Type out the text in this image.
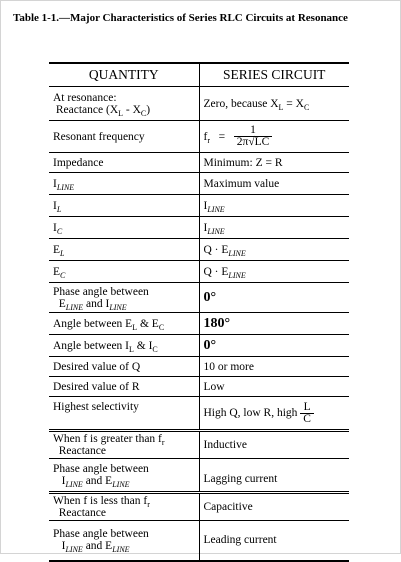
Table 1-1.—Major Characteristics of Series RLC Circuits at Resonance
QUANTITY	SERIES CIRCUIT

At resonance:
Reactance $(X_L - X_C)$	Zero, because $X_L = X_C$
Resonant frequency	$f_r = \frac{1}{2\pi√LC}$

Impedance	Minimum: Z = R
$I_{LINE}$	Maximum value
$I_L$	$I_{LINE}$
$I_C$	$I_{LINE}$
$E_L$	$Q \cdot E_{LINE}$
$E_C$	$Q \cdot E_{LINE}$

Phase angle between
$E_{LINE}$ and $I_{LINE}$	0°
Angle between $E_L$ & $E_C$	180°
Angle between $I_L$ & $I_C$	0°
Desired value of Q	10 or more
Desired value of R	Low
Highest selectivity	High Q, low R, high $\frac{L}{C}$

When f is greater than $f_r$
Reactance	Inductive

Phase angle between
$I_{LINE}$ and $E_{LINE}$	Lagging current

When f is less than $f_r$
Reactance	Capacitive

Phase angle between
$I_{LINE}$ and $E_{LINE}$	Leading current
